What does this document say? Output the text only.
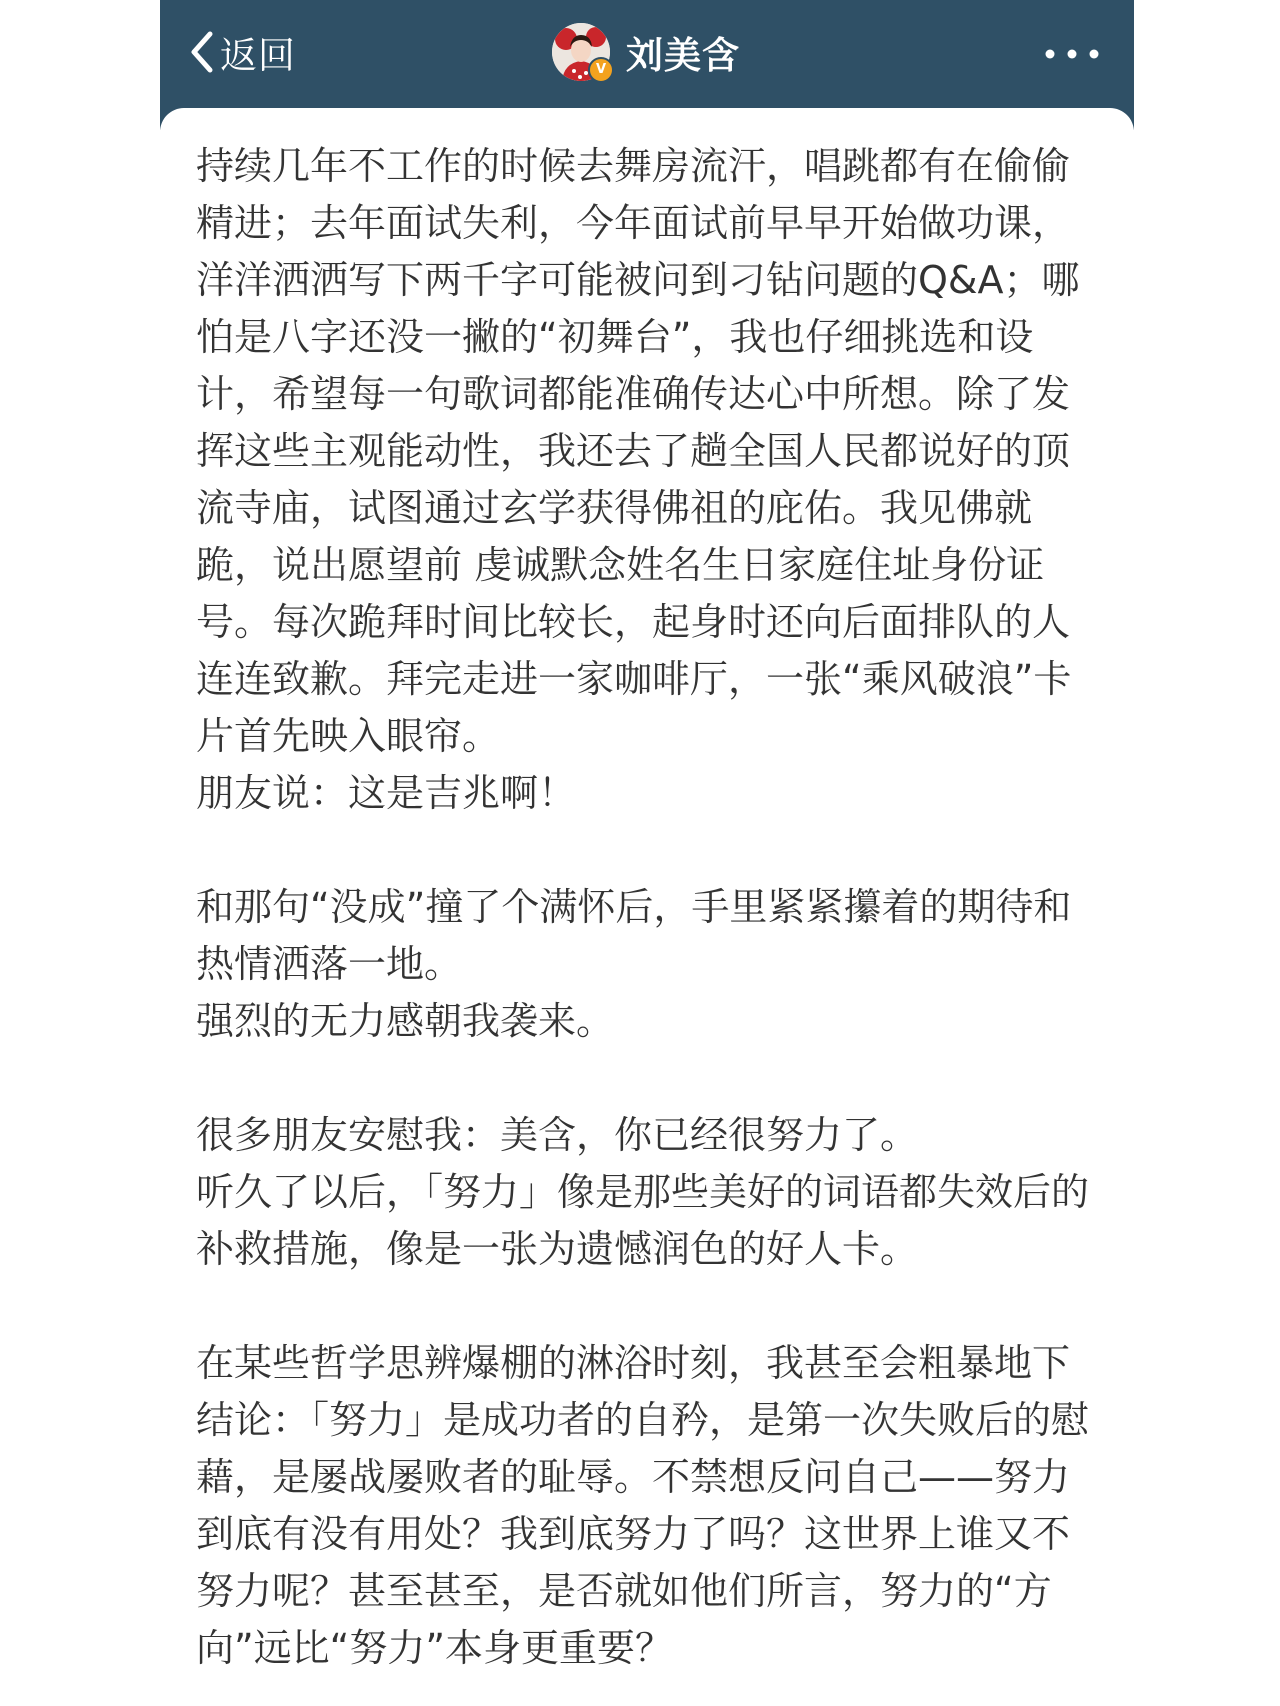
返回	V 刘美含

持续几年不工作的时候去舞房流汗，唱跳都有在偷偷精进；去年面试失利，今年面试前早早开始做功课，洋洋洒洒写下两千字可能被问到刁钻问题的Q&A；哪怕是八字还没一撇的“初舞台”，我也仔细挑选和设计，希望每一句歌词都能准确传达心中所想。除了发挥这些主观能动性，我还去了趟全国人民都说好的顶流寺庙，试图通过玄学获得佛祖的庇佑。我见佛就跪，说出愿望前 虔诚默念姓名生日家庭住址身份证号。每次跪拜时间比较长，起身时还向后面排队的人连连致歉。拜完走进一家咖啡厅，一张“乘风破浪”卡片首先映入眼帘。

朋友说：这是吉兆啊！

和那句“没成”撞了个满怀后，手里紧紧攥着的期待和热情洒落一地。

强烈的无力感朝我袭来。

很多朋友安慰我：美含，你已经很努力了。

听久了以后，「努力」像是那些美好的词语都失效后的补救措施，像是一张为遗憾润色的好人卡。

在某些哲学思辨爆棚的淋浴时刻，我甚至会粗暴地下结论：「努力」是成功者的自矜，是第一次失败后的慰藉，是屡战屡败者的耻辱。不禁想反问自己——努力到底有没有用处？我到底努力了吗？这世界上谁又不努力呢？甚至甚至，是否就如他们所言，努力的“方向”远比“努力”本身更重要？
